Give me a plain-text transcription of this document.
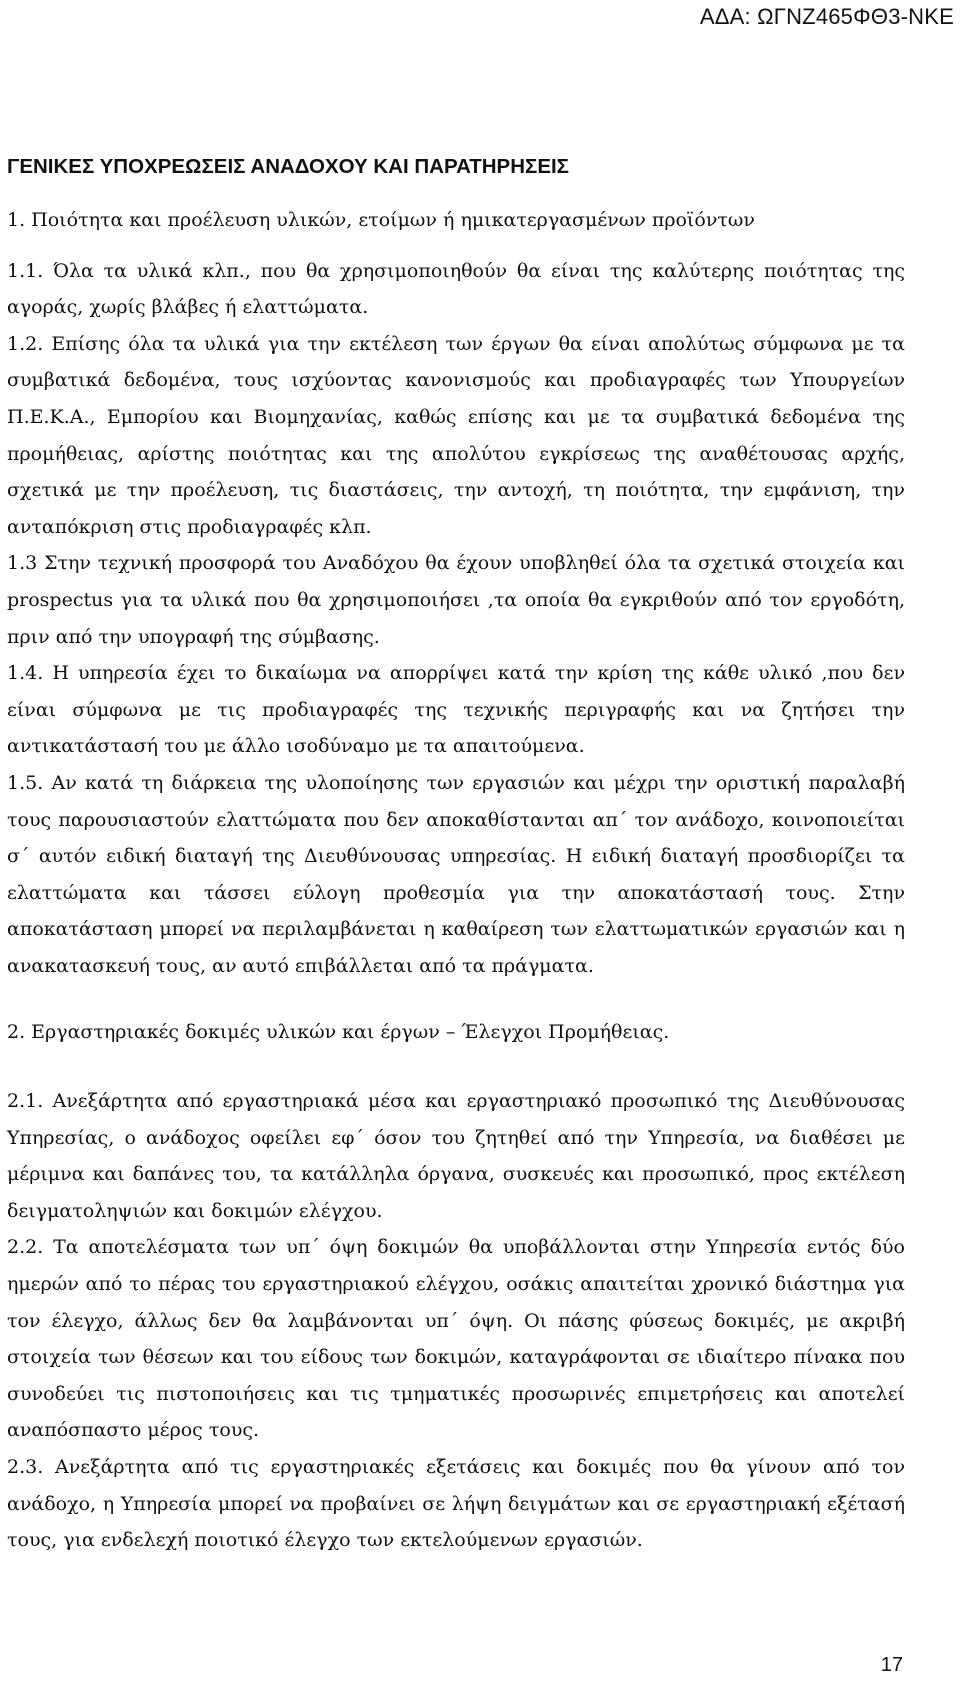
ΑΔΑ: ΩΓΝΖ465ΦΘ3-ΝΚΕ
ΓΕΝΙΚΕΣ ΥΠΟΧΡΕΩΣΕΙΣ ΑΝΑΔΟΧΟΥ ΚΑΙ ΠΑΡΑΤΗΡΗΣΕΙΣ

1. Ποιότητα και προέλευση υλικών, ετοίμων ή ημικατεργασμένων προϊόντων

1.1. Όλα τα υλικά κλπ., που θα χρησιμοποιηθούν θα είναι της καλύτερης ποιότητας της αγοράς, χωρίς βλάβες ή ελαττώματα.

1.2. Επίσης όλα τα υλικά για την εκτέλεση των έργων θα είναι απολύτως σύμφωνα με τα συμβατικά δεδομένα, τους ισχύοντας κανονισμούς και προδιαγραφές των Υπουργείων Π.Ε.Κ.Α., Εμπορίου και Βιομηχανίας, καθώς επίσης και με τα συμβατικά δεδομένα της προμήθειας, αρίστης ποιότητας και της απολύτου εγκρίσεως της αναθέτουσας αρχής, σχετικά με την προέλευση, τις διαστάσεις, την αντοχή, τη ποιότητα, την εμφάνιση, την ανταπόκριση στις προδιαγραφές κλπ.

1.3 Στην τεχνική προσφορά του Αναδόχου θα έχουν υποβληθεί όλα τα σχετικά στοιχεία και prospectus για τα υλικά που θα χρησιμοποιήσει ,τα οποία θα εγκριθούν από τον εργοδότη, πριν από την υπογραφή της σύμβασης.

1.4. Η υπηρεσία έχει το δικαίωμα να απορρίψει κατά την κρίση της κάθε υλικό ,που δεν είναι σύμφωνα με τις προδιαγραφές της τεχνικής περιγραφής και να ζητήσει την αντικατάστασή του με άλλο ισοδύναμο με τα απαιτούμενα.

1.5. Αν κατά τη διάρκεια της υλοποίησης των εργασιών και μέχρι την οριστική παραλαβή τους παρουσιαστούν ελαττώματα που δεν αποκαθίστανται απ΄ τον ανάδοχο, κοινοποιείται σ΄ αυτόν ειδική διαταγή της Διευθύνουσας υπηρεσίας. Η ειδική διαταγή προσδιορίζει τα ελαττώματα και τάσσει εύλογη προθεσμία για την αποκατάστασή τους. Στην αποκατάσταση μπορεί να περιλαμβάνεται η καθαίρεση των ελαττωματικών εργασιών και η ανακατασκευή τους, αν αυτό επιβάλλεται από τα πράγματα.

2. Εργαστηριακές δοκιμές υλικών και έργων – Έλεγχοι Προμήθειας.

2.1. Ανεξάρτητα από εργαστηριακά μέσα και εργαστηριακό προσωπικό της Διευθύνουσας Υπηρεσίας, ο ανάδοχος οφείλει εφ΄ όσον του ζητηθεί από την Υπηρεσία, να διαθέσει με μέριμνα και δαπάνες του, τα κατάλληλα όργανα, συσκευές και προσωπικό, προς εκτέλεση δειγματοληψιών και δοκιμών ελέγχου.

2.2. Τα αποτελέσματα των υπ΄ όψη δοκιμών θα υποβάλλονται στην Υπηρεσία εντός δύο ημερών από το πέρας του εργαστηριακού ελέγχου, οσάκις απαιτείται χρονικό διάστημα για τον έλεγχο, άλλως δεν θα λαμβάνονται υπ΄ όψη. Οι πάσης φύσεως δοκιμές, με ακριβή στοιχεία των θέσεων και του είδους των δοκιμών, καταγράφονται σε ιδιαίτερο πίνακα που συνοδεύει τις πιστοποιήσεις και τις τμηματικές προσωρινές επιμετρήσεις και αποτελεί αναπόσπαστο μέρος τους.

2.3. Ανεξάρτητα από τις εργαστηριακές εξετάσεις και δοκιμές που θα γίνουν από τον ανάδοχο, η Υπηρεσία μπορεί να προβαίνει σε λήψη δειγμάτων και σε εργαστηριακή εξέτασή τους, για ενδελεχή ποιοτικό έλεγχο των εκτελούμενων εργασιών.

17
